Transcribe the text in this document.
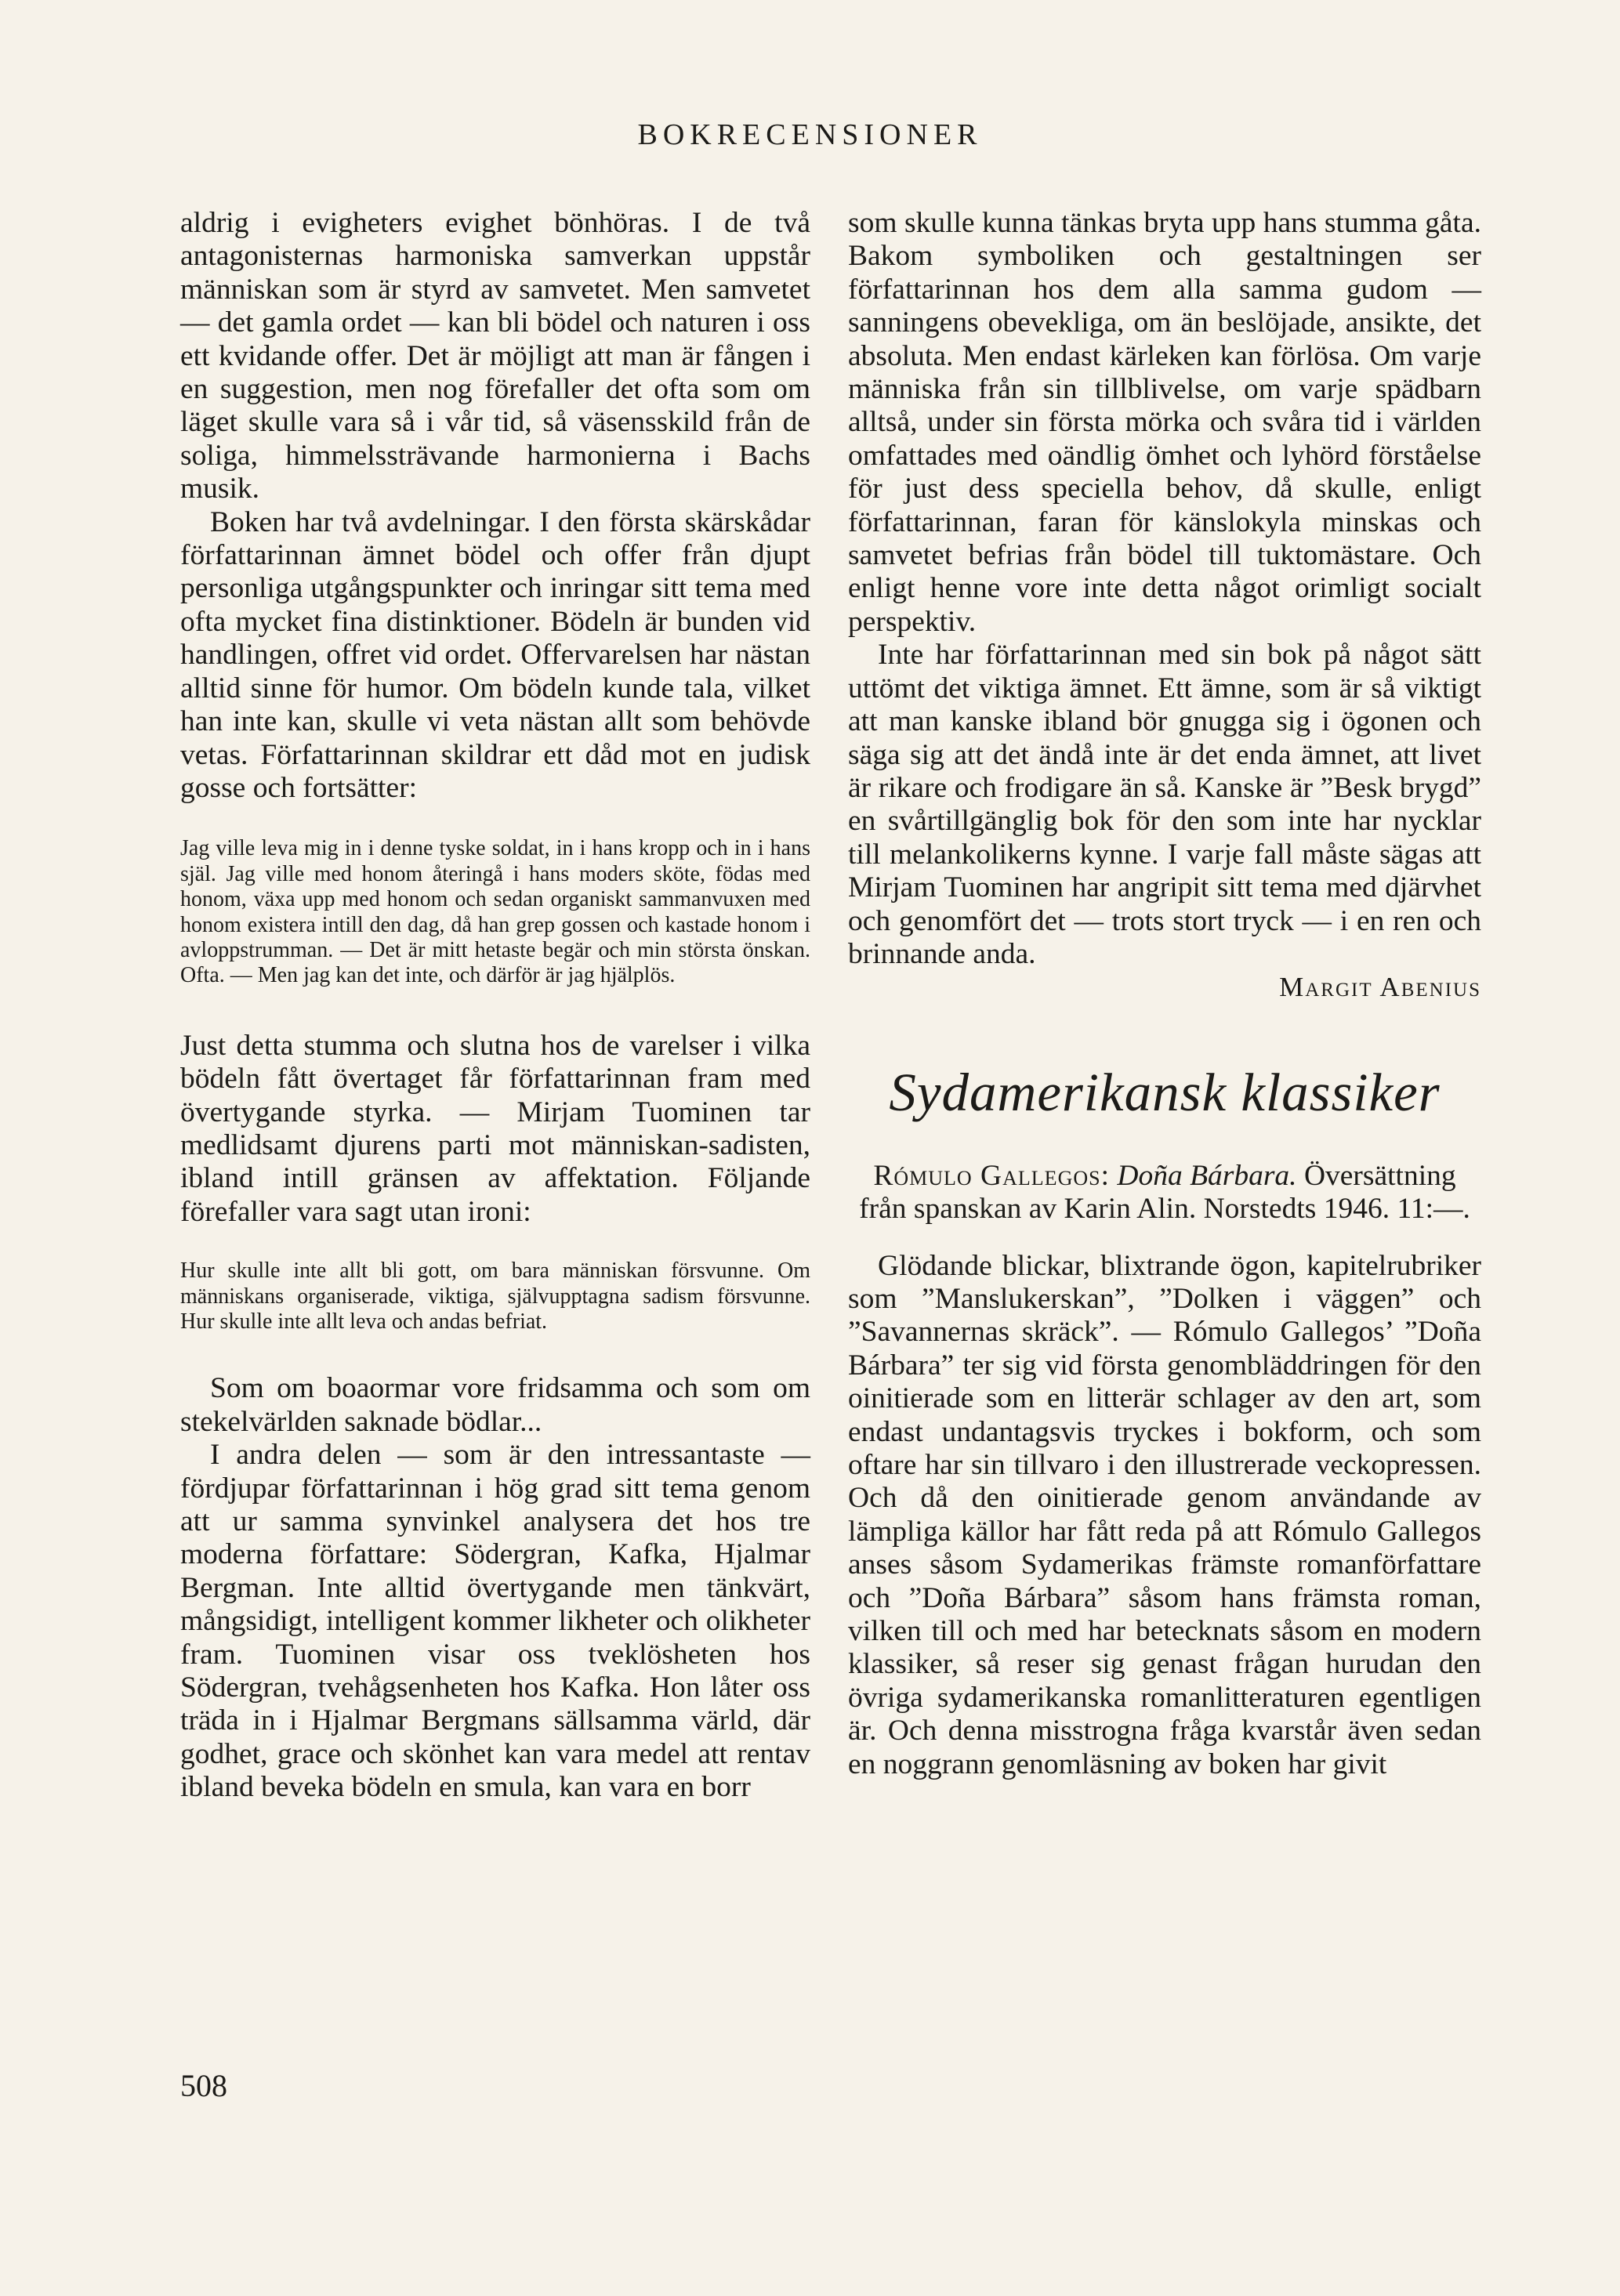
BOKRECENSIONER

aldrig i evigheters evighet bönhöras. I de två antagonisternas harmoniska samverkan uppstår människan som är styrd av samvetet. Men samvetet — det gamla ordet — kan bli bödel och naturen i oss ett kvidande offer. Det är möjligt att man är fången i en suggestion, men nog förefaller det ofta som om läget skulle vara så i vår tid, så väsensskild från de soliga, himmelssträvande harmonierna i Bachs musik.

Boken har två avdelningar. I den första skärskådar författarinnan ämnet bödel och offer från djupt personliga utgångspunkter och inringar sitt tema med ofta mycket fina distinktioner. Bödeln är bunden vid handlingen, offret vid ordet. Offervarelsen har nästan alltid sinne för humor. Om bödeln kunde tala, vilket han inte kan, skulle vi veta nästan allt som behövde vetas. Författarinnan skildrar ett dåd mot en judisk gosse och fortsätter:

Jag ville leva mig in i denne tyske soldat, in i hans kropp och in i hans själ. Jag ville med honom återingå i hans moders sköte, födas med honom, växa upp med honom och sedan organiskt sammanvuxen med honom existera intill den dag, då han grep gossen och kastade honom i avloppstrumman. — Det är mitt hetaste begär och min största önskan. Ofta. — Men jag kan det inte, och därför är jag hjälplös.

Just detta stumma och slutna hos de varelser i vilka bödeln fått övertaget får författarinnan fram med övertygande styrka. — Mirjam Tuominen tar medlidsamt djurens parti mot människan-sadisten, ibland intill gränsen av affektation. Följande förefaller vara sagt utan ironi:

Hur skulle inte allt bli gott, om bara människan försvunne. Om människans organiserade, viktiga, självupptagna sadism försvunne. Hur skulle inte allt leva och andas befriat.

Som om boaormar vore fridsamma och som om stekelvärlden saknade bödlar...

I andra delen — som är den intressantaste — fördjupar författarinnan i hög grad sitt tema genom att ur samma synvinkel analysera det hos tre moderna författare: Södergran, Kafka, Hjalmar Bergman. Inte alltid övertygande men tänkvärt, mångsidigt, intelligent kommer likheter och olikheter fram. Tuominen visar oss tveklösheten hos Södergran, tvehågsenheten hos Kafka. Hon låter oss träda in i Hjalmar Bergmans sällsamma värld, där godhet, grace och skönhet kan vara medel att rentav ibland beveka bödeln en smula, kan vara en borr

som skulle kunna tänkas bryta upp hans stumma gåta. Bakom symboliken och gestaltningen ser författarinnan hos dem alla samma gudom — sanningens obevekliga, om än beslöjade, ansikte, det absoluta. Men endast kärleken kan förlösa. Om varje människa från sin tillblivelse, om varje spädbarn alltså, under sin första mörka och svåra tid i världen omfattades med oändlig ömhet och lyhörd förståelse för just dess speciella behov, då skulle, enligt författarinnan, faran för känslokyla minskas och samvetet befrias från bödel till tuktomästare. Och enligt henne vore inte detta något orimligt socialt perspektiv.

Inte har författarinnan med sin bok på något sätt uttömt det viktiga ämnet. Ett ämne, som är så viktigt att man kanske ibland bör gnugga sig i ögonen och säga sig att det ändå inte är det enda ämnet, att livet är rikare och frodigare än så. Kanske är ”Besk brygd” en svårtillgänglig bok för den som inte har nycklar till melankolikerns kynne. I varje fall måste sägas att Mirjam Tuominen har angripit sitt tema med djärvhet och genomfört det — trots stort tryck — i en ren och brinnande anda.

Margit Abenius

Sydamerikansk klassiker

Rómulo Gallegos: Doña Bárbara. Översättning från spanskan av Karin Alin. Norstedts 1946. 11:—.

Glödande blickar, blixtrande ögon, kapitelrubriker som ”Manslukerskan”, ”Dolken i väggen” och ”Savannernas skräck”. — Rómulo Gallegos’ ”Doña Bárbara” ter sig vid första genombläddringen för den oinitierade som en litterär schlager av den art, som endast undantagsvis tryckes i bokform, och som oftare har sin tillvaro i den illustrerade veckopressen. Och då den oinitierade genom användande av lämpliga källor har fått reda på att Rómulo Gallegos anses såsom Sydamerikas främste romanförfattare och ”Doña Bárbara” såsom hans främsta roman, vilken till och med har betecknats såsom en modern klassiker, så reser sig genast frågan hurudan den övriga sydamerikanska romanlitteraturen egentligen är. Och denna misstrogna fråga kvarstår även sedan en noggrann genomläsning av boken har givit

508
